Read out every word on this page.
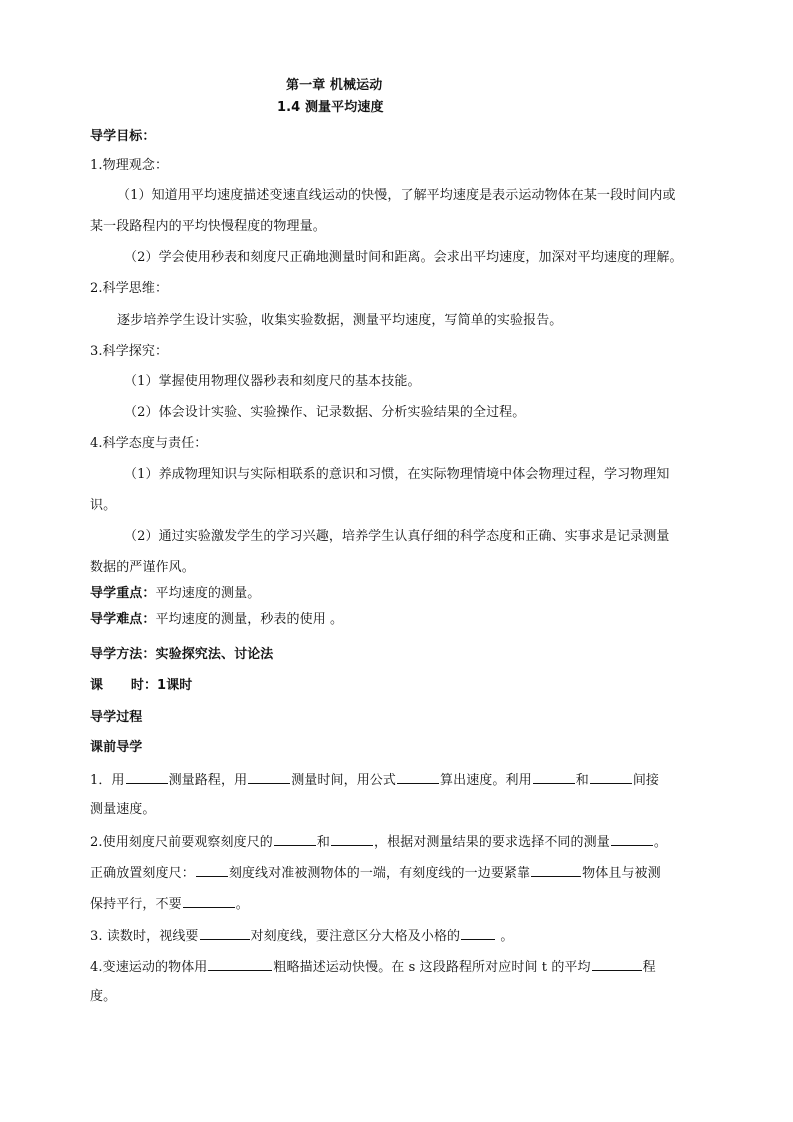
第一章 机械运动
1.4 测量平均速度
导学目标：
1.物理观念：
（1）知道用平均速度描述变速直线运动的快慢，了解平均速度是表示运动物体在某一段时间内或
某一段路程内的平均快慢程度的物理量。
（2）学会使用秒表和刻度尺正确地测量时间和距离。会求出平均速度，加深对平均速度的理解。
2.科学思维：
逐步培养学生设计实验，收集实验数据，测量平均速度，写简单的实验报告。
3.科学探究：
（1）掌握使用物理仪器秒表和刻度尺的基本技能。
（2）体会设计实验、实验操作、记录数据、分析实验结果的全过程。
4.科学态度与责任：
（1）养成物理知识与实际相联系的意识和习惯，在实际物理情境中体会物理过程，学习物理知
识。
（2）通过实验激发学生的学习兴趣，培养学生认真仔细的科学态度和正确、实事求是记录测量
数据的严谨作风。
导学重点：平均速度的测量。
导学难点：平均速度的测量，秒表的使用 。
导学方法：实验探究法、讨论法
课      时：1课时
导学过程
课前导学
1．用	测量路程，用	测量时间，用公式	算出速度。利用	和	间接
测量速度。
2.使用刻度尺前要观察刻度尺的	和	，根据对测量结果的要求选择不同的测量	。
正确放置刻度尺：	刻度线对准被测物体的一端，有刻度线的一边要紧靠	物体且与被测
保持平行，不要	。
3. 读数时，视线要	对刻度线，要注意区分大格及小格的	。
4.变速运动的物体用	粗略描述运动快慢。在 s 这段路程所对应时间 t 的平均	程
度。
